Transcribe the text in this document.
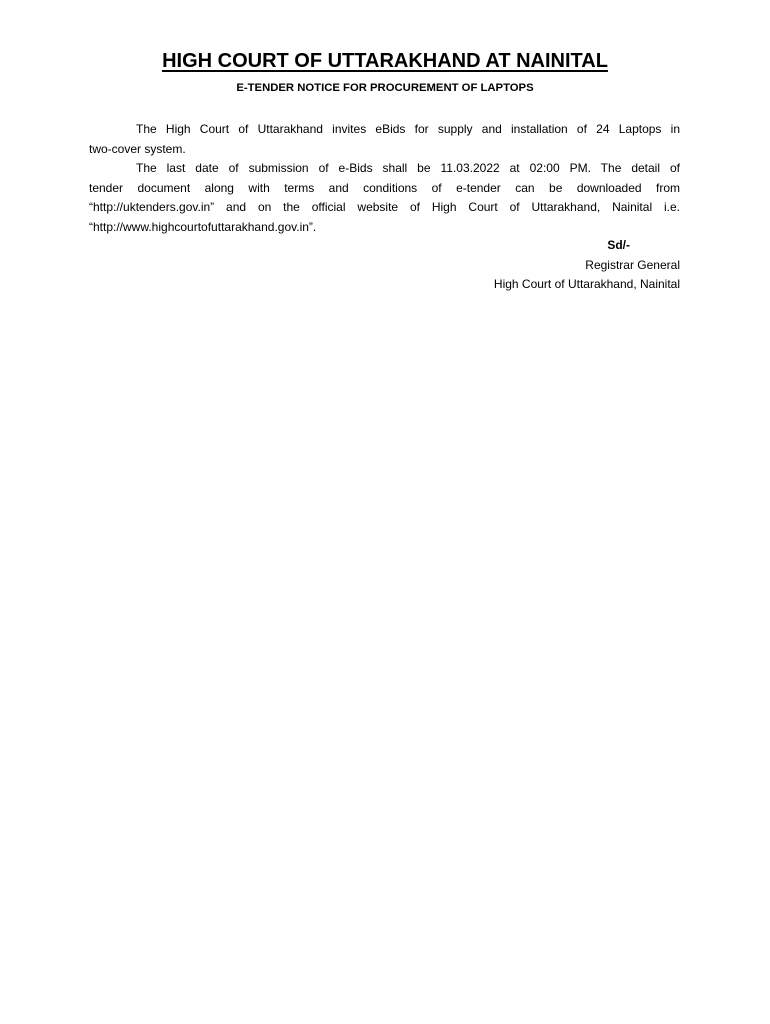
HIGH COURT OF UTTARAKHAND AT NAINITAL
E-TENDER NOTICE FOR PROCUREMENT OF LAPTOPS
The High Court of Uttarakhand invites eBids for supply and installation of 24 Laptops in
two-cover system.
The last date of submission of e-Bids shall be 11.03.2022 at 02:00 PM. The detail of
tender document along with terms and conditions of e-tender can be downloaded from
“http://uktenders.gov.in” and on the official website of High Court of Uttarakhand, Nainital i.e.
“http://www.highcourtofuttarakhand.gov.in”.
Sd/-
Registrar General
High Court of Uttarakhand, Nainital
